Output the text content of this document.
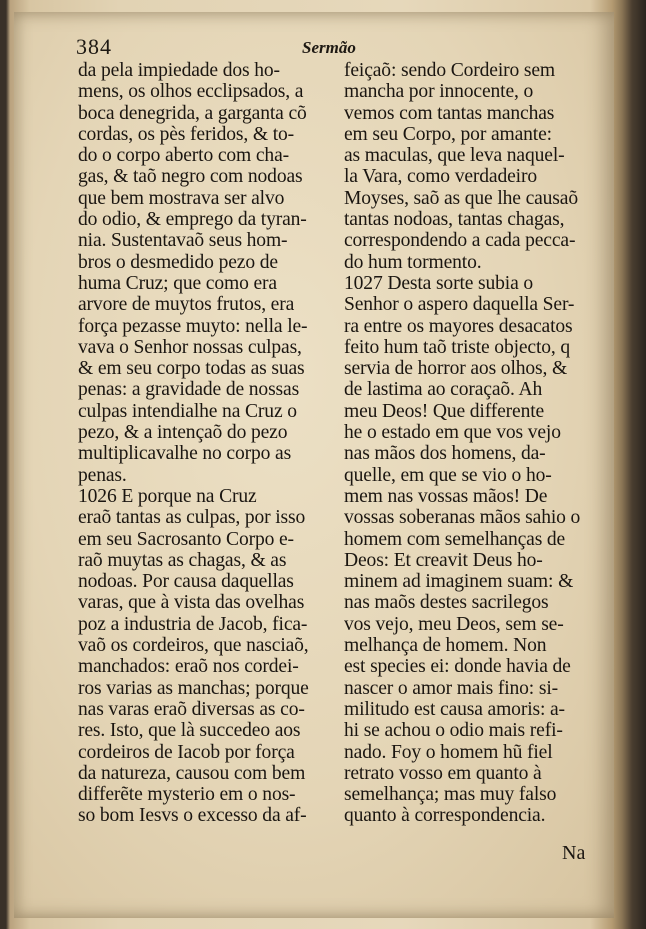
384	Sermão
da pela impiedade dos ho-
mens, os olhos ecclipsados, a
boca denegrida, a garganta cõ
cordas, os pès feridos, & to-
do o corpo aberto com cha-
gas, & taõ negro com nodoas
que bem mostrava ser alvo
do odio, & emprego da tyran-
nia. Sustentavaõ seus hom-
bros o desmedido pezo de
huma Cruz; que como era
arvore de muytos frutos, era
força pezasse muyto: nella le-
vava o Senhor nossas culpas,
& em seu corpo todas as suas
penas: a gravidade de nossas
culpas intendialhe na Cruz o
pezo, & a intençaõ do pezo
multiplicavalhe no corpo as
penas.
1026 E porque na Cruz
eraõ tantas as culpas, por isso
em seu Sacrosanto Corpo e-
raõ muytas as chagas, & as
nodoas. Por causa daquellas
varas, que à vista das ovelhas
poz a industria de Jacob, fica-
vaõ os cordeiros, que nasciaõ,
manchados: eraõ nos cordei-
ros varias as manchas; porque
nas varas eraõ diversas as co-
res. Isto, que là succedeo aos
cordeiros de Iacob por força
da natureza, causou com bem
differẽte mysterio em o nos-
so bom Iesvs o excesso da af-
feiçaõ: sendo Cordeiro sem
mancha por innocente, o
vemos com tantas manchas
em seu Corpo, por amante:
as maculas, que leva naquel-
la Vara, como verdadeiro
Moyses, saõ as que lhe causaõ
tantas nodoas, tantas chagas,
correspondendo a cada pecca-
do hum tormento.
1027 Desta sorte subia o
Senhor o aspero daquella Ser-
ra entre os mayores desacatos
feito hum taõ triste objecto, q
servia de horror aos olhos, &
de lastima ao coraçaõ. Ah
meu Deos! Que differente
he o estado em que vos vejo
nas mãos dos homens, da-
quelle, em que se vio o ho-
mem nas vossas mãos! De
vossas soberanas mãos sahio o
homem com semelhanças de
Deos: Et creavit Deus ho-
minem ad imaginem suam: &
nas maõs destes sacrilegos
vos vejo, meu Deos, sem se-
melhança de homem. Non
est species ei: donde havia de
nascer o amor mais fino: si-
militudo est causa amoris: a-
hi se achou o odio mais refi-
nado. Foy o homem hũ fiel
retrato vosso em quanto à
semelhança; mas muy falso
quanto à correspondencia.
Na
